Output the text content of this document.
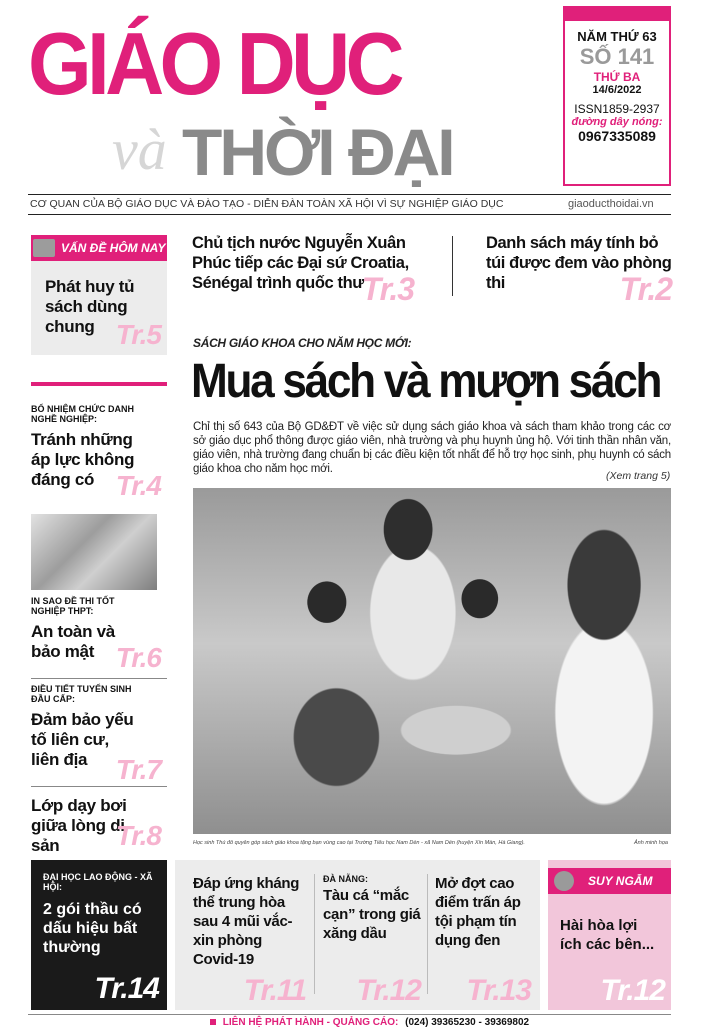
GIÁO DỤC
và THỜI ĐẠI
NĂM THỨ 63
SỐ 141
THỨ BA
14/6/2022
ISSN1859-2937
đường dây nóng:
0967335089
CƠ QUAN CỦA BỘ GIÁO DỤC VÀ ĐÀO TẠO - DIỄN ĐÀN TOÀN XÃ HỘI VÌ SỰ NGHIỆP GIÁO DỤC	giaoducthoidai.vn
VẤN ĐỀ HÔM NAY
Phát huy tủ sách dùng chung Tr.5
BỔ NHIỆM CHỨC DANH NGHỀ NGHIỆP:
Tránh những áp lực không đáng có Tr.4
IN SAO ĐỀ THI TỐT NGHIỆP THPT:
An toàn và bảo mật Tr.6
ĐIỀU TIẾT TUYỂN SINH ĐẦU CẤP:
Đảm bảo yếu tố liên cư, liên địa	Tr.7
Lớp dạy bơi giữa lòng di sản	Tr.8
Chủ tịch nước Nguyễn Xuân Phúc tiếp các Đại sứ Croatia, Sénégal trình quốc thư
Tr.3
Danh sách máy tính bỏ túi được đem vào phòng thi	Tr.2
SÁCH GIÁO KHOA CHO NĂM HỌC MỚI:
Mua sách và mượn sách
Chỉ thị số 643 của Bộ GD&ĐT về việc sử dụng sách giáo khoa và sách tham khảo trong các cơ sở giáo dục phổ thông được giáo viên, nhà trường và phụ huynh ủng hộ. Với tinh thần nhân văn, giáo viên, nhà trường đang chuẩn bị các điều kiện tốt nhất để hỗ trợ học sinh, phụ huynh có sách giáo khoa cho năm học mới.
(Xem trang 5)
Học sinh Thủ đô quyên góp sách giáo khoa tặng bạn vùng cao tại Trường Tiểu học Nam Dền - xã Nam Dền (huyện Xín Mần, Hà Giang).	Ảnh minh họa
ĐẠI HỌC LAO ĐỘNG - XÃ HỘI:
2 gói thầu có dấu hiệu bất thường
Tr.14
Đáp ứng kháng thể trung hòa sau 4 mũi vắc-xin phòng Covid-19
Tr.11
ĐÀ NẴNG:
Tàu cá “mắc cạn” trong giá xăng dầu
Tr.12
Mở đợt cao điểm trấn áp tội phạm tín dụng đen
Tr.13
SUY NGẪM
Hài hòa lợi ích các bên...
Tr.12
LIÊN HỆ PHÁT HÀNH - QUẢNG CÁO: (024) 39365230 - 39369802
